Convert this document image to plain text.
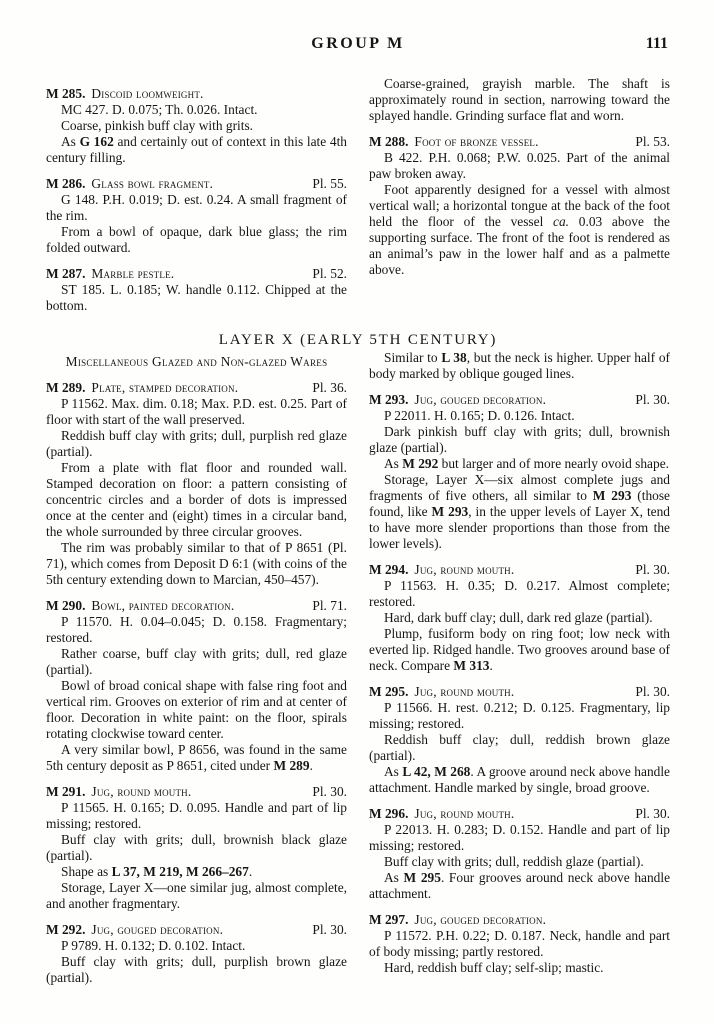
GROUP M	111
M 285. Discoid loomweight.

MC 427. D. 0.075; Th. 0.026. Intact.

Coarse, pinkish buff clay with grits.

As G 162 and certainly out of context in this late 4th century filling.

M 286. Glass bowl fragment.	Pl. 55.

G 148. P.H. 0.019; D. est. 0.24. A small fragment of the rim.

From a bowl of opaque, dark blue glass; the rim folded outward.

M 287. Marble pestle.	Pl. 52.

ST 185. L. 0.185; W. handle 0.112. Chipped at the bottom.

Coarse-grained, grayish marble. The shaft is approximately round in section, narrowing toward the splayed handle. Grinding surface flat and worn.

M 288. Foot of bronze vessel.	Pl. 53.

B 422. P.H. 0.068; P.W. 0.025. Part of the animal paw broken away.

Foot apparently designed for a vessel with almost vertical wall; a horizontal tongue at the back of the foot held the floor of the vessel ca. 0.03 above the supporting surface. The front of the foot is rendered as an animal’s paw in the lower half and as a palmette above.

LAYER X (EARLY 5TH CENTURY)
Miscellaneous Glazed and Non-glazed Wares
M 289. Plate, stamped decoration.	Pl. 36.

P 11562. Max. dim. 0.18; Max. P.D. est. 0.25. Part of floor with start of the wall preserved.

Reddish buff clay with grits; dull, purplish red glaze (partial).

From a plate with flat floor and rounded wall. Stamped decoration on floor: a pattern consisting of concentric circles and a border of dots is impressed once at the center and (eight) times in a circular band, the whole surrounded by three circular grooves.

The rim was probably similar to that of P 8651 (Pl. 71), which comes from Deposit D 6:1 (with coins of the 5th century extending down to Marcian, 450–457).

M 290. Bowl, painted decoration.	Pl. 71.

P 11570. H. 0.04–0.045; D. 0.158. Fragmentary; restored.

Rather coarse, buff clay with grits; dull, red glaze (partial).

Bowl of broad conical shape with false ring foot and vertical rim. Grooves on exterior of rim and at center of floor. Decoration in white paint: on the floor, spirals rotating clockwise toward center.

A very similar bowl, P 8656, was found in the same 5th century deposit as P 8651, cited under M 289.

M 291. Jug, round mouth.	Pl. 30.

P 11565. H. 0.165; D. 0.095. Handle and part of lip missing; restored.

Buff clay with grits; dull, brownish black glaze (partial).

Shape as L 37, M 219, M 266–267.

Storage, Layer X—one similar jug, almost complete, and another fragmentary.

M 292. Jug, gouged decoration.	Pl. 30.

P 9789. H. 0.132; D. 0.102. Intact.

Buff clay with grits; dull, purplish brown glaze (partial).

Similar to L 38, but the neck is higher. Upper half of body marked by oblique gouged lines.

M 293. Jug, gouged decoration.	Pl. 30.

P 22011. H. 0.165; D. 0.126. Intact.

Dark pinkish buff clay with grits; dull, brownish glaze (partial).

As M 292 but larger and of more nearly ovoid shape.

Storage, Layer X—six almost complete jugs and fragments of five others, all similar to M 293 (those found, like M 293, in the upper levels of Layer X, tend to have more slender proportions than those from the lower levels).

M 294. Jug, round mouth.	Pl. 30.

P 11563. H. 0.35; D. 0.217. Almost complete; restored.

Hard, dark buff clay; dull, dark red glaze (partial).

Plump, fusiform body on ring foot; low neck with everted lip. Ridged handle. Two grooves around base of neck. Compare M 313.

M 295. Jug, round mouth.	Pl. 30.

P 11566. H. rest. 0.212; D. 0.125. Fragmentary, lip missing; restored.

Reddish buff clay; dull, reddish brown glaze (partial).

As L 42, M 268. A groove around neck above handle attachment. Handle marked by single, broad groove.

M 296. Jug, round mouth.	Pl. 30.

P 22013. H. 0.283; D. 0.152. Handle and part of lip missing; restored.

Buff clay with grits; dull, reddish glaze (partial).

As M 295. Four grooves around neck above handle attachment.

M 297. Jug, gouged decoration.

P 11572. P.H. 0.22; D. 0.187. Neck, handle and part of body missing; partly restored.

Hard, reddish buff clay; self-slip; mastic.
